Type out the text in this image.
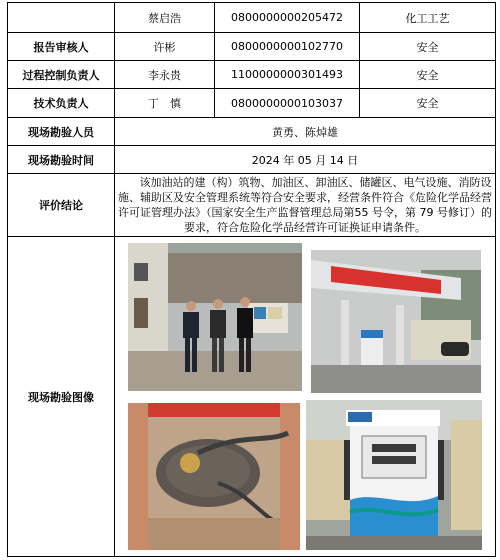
	蔡启浩	0800000000205472	化工工艺
报告审核人	许彬	0800000000102770	安全
过程控制负责人	李永贵	1100000000301493	安全
技术负责人	丁　慎	0800000000103037	安全
现场勘验人员	黄勇、陈焯雄		
现场勘验时间	2024 年 05 月 14 日		
评价结论	该加油站的建（构）筑物、加油区、卸油区、储罐区、电气设施、消防设施、辅助区及安全管理系统等符合安全要求，经营条件符合《危险化学品经营许可证管理办法》（国家安全生产监督管理总局第55 号令，第 79 号修订）的要求，符合危险化学品经营许可证换证申请条件。		
现场勘验图像	
